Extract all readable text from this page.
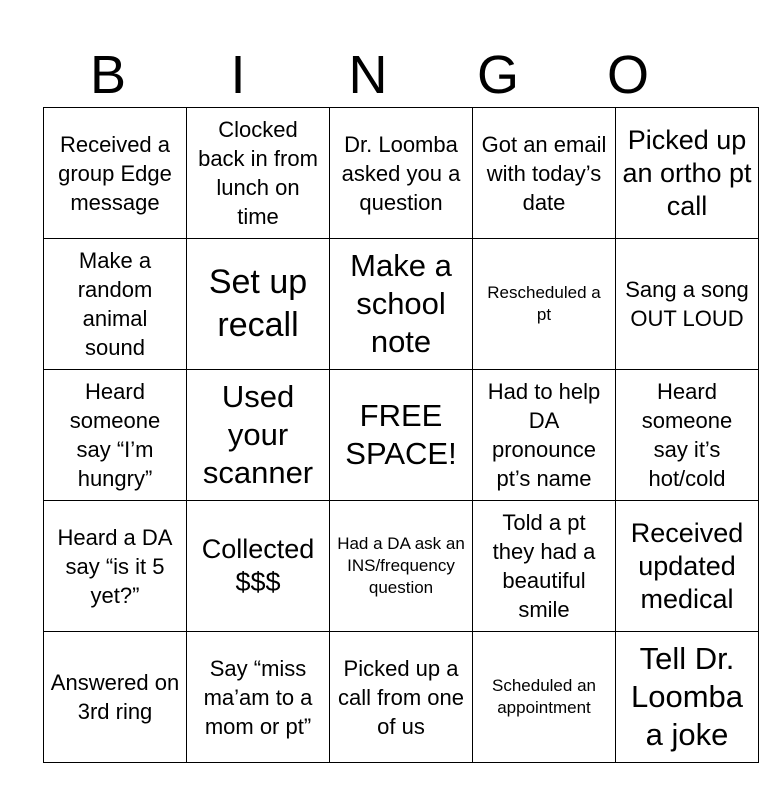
B	I	N	G	O
Received a group Edge message	Clocked back in from lunch on time	Dr. Loomba asked you a question	Got an email with today’s date	Picked up an ortho pt call
Make a random animal sound	Set up recall	Make a school note	Rescheduled a pt	Sang a song OUT LOUD
Heard someone say “I’m hungry”	Used your scanner	FREE SPACE!	Had to help DA pronounce pt’s name	Heard someone say it’s hot/cold
Heard a DA say “is it 5 yet?”	Collected $$$	Had a DA ask an INS/frequency question	Told a pt they had a beautiful smile	Received updated medical
Answered on 3rd ring	Say “miss ma’am to a mom or pt”	Picked up a call from one of us	Scheduled an appointment	Tell Dr. Loomba a joke
